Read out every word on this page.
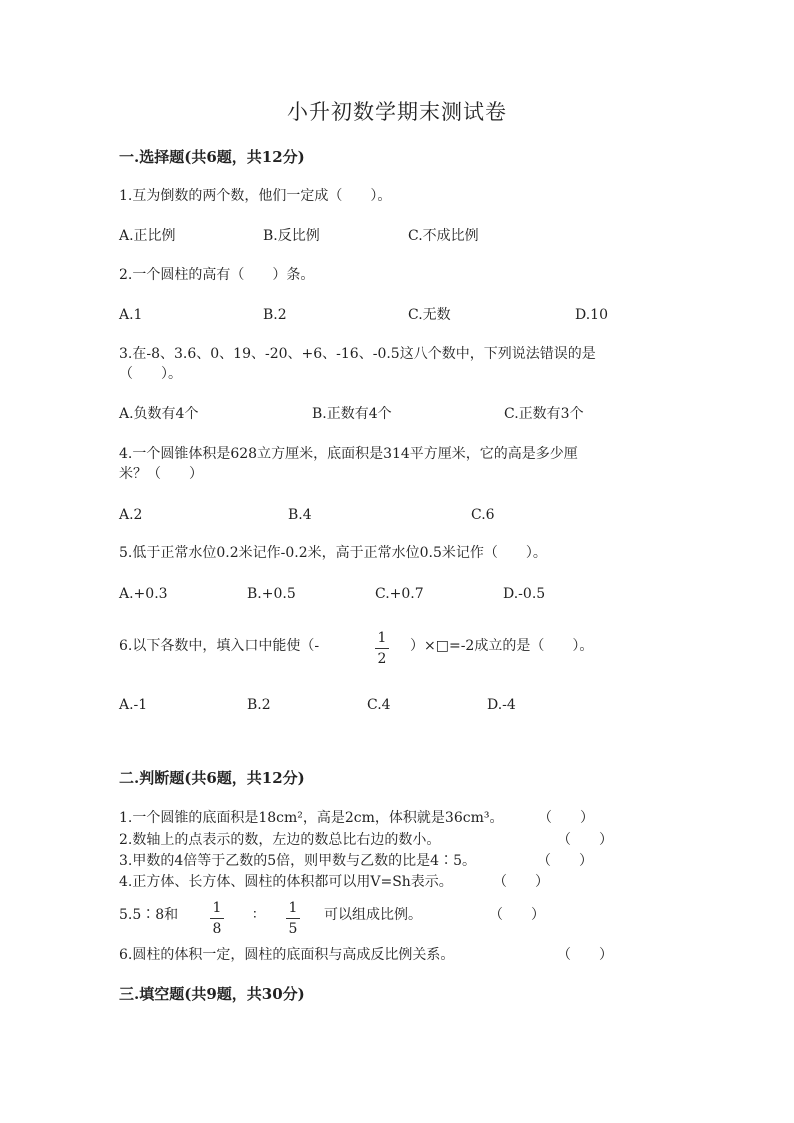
小升初数学期末测试卷
一.选择题(共6题，共12分)
1.互为倒数的两个数，他们一定成（　　）。
A.正比例	B.反比例	C.不成比例
2.一个圆柱的高有（　　）条。
A.1	B.2	C.无数	D.10
3.在-8、3.6、0、19、-20、+6、-16、-0.5这八个数中，下列说法错误的是
（　　）。
A.负数有4个	B.正数有4个	C.正数有3个
4.一个圆锥体积是628立方厘米，底面积是314平方厘米，它的高是多少厘
米？（　　）
A.2	B.4	C.6
5.低于正常水位0.2米记作-0.2米，高于正常水位0.5米记作（　　）。
A.+0.3	B.+0.5	C.+0.7	D.-0.5
6.以下各数中，填入口中能使（-	1
2
）×□=-2成立的是（　　）。
A.-1	B.2	C.4	D.-4
二.判断题(共6题，共12分)
1.一个圆锥的底面积是18cm²，高是2cm，体积就是36cm³。 （　　）
2.数轴上的点表示的数，左边的数总比右边的数小。	（　　）
3.甲数的4倍等于乙数的5倍，则甲数与乙数的比是4∶5。	（　　）
4.正方体、长方体、圆柱的体积都可以用V=Sh表示。	（　　）
5.5∶8和	1
8
∶	1
5
可以组成比例。	（　　）
6.圆柱的体积一定，圆柱的底面积与高成反比例关系。	（　　）
三.填空题(共9题，共30分)
